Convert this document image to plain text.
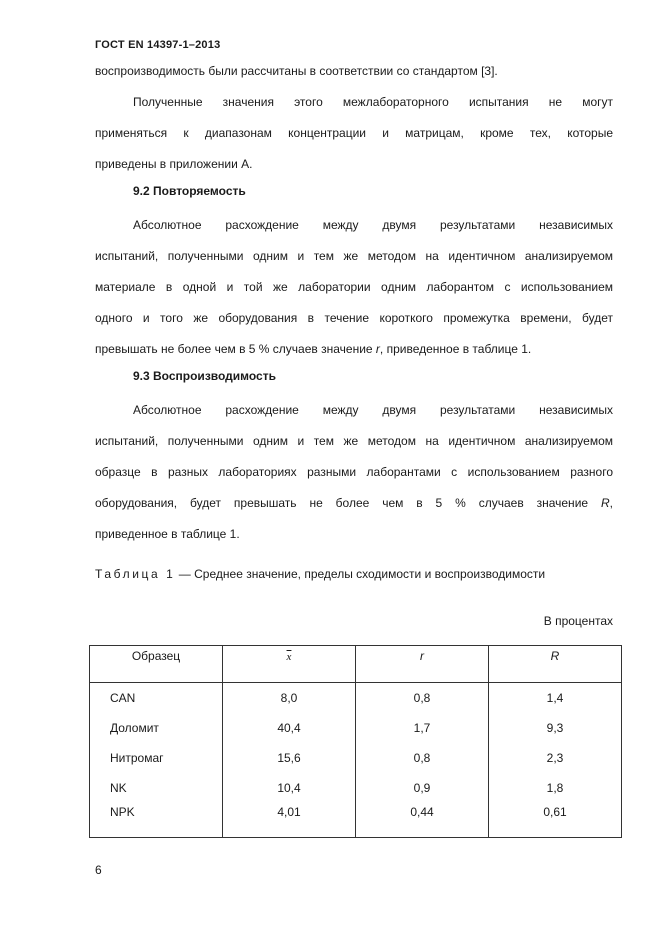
ГОСТ EN 14397-1–2013
воспроизводимость были рассчитаны в соответствии со стандартом [3].
Полученные значения этого межлабораторного испытания не могут
применяться к диапазонам концентрации и матрицам, кроме тех, которые
приведены в приложении А.
9.2 Повторяемость
Абсолютное расхождение между двумя результатами независимых
испытаний, полученными одним и тем же методом на идентичном анализируемом
материале в одной и той же лаборатории одним лаборантом с использованием
одного и того же оборудования в течение короткого промежутка времени, будет
превышать не более чем в 5 % случаев значение r, приведенное в таблице 1.
9.3 Воспроизводимость
Абсолютное расхождение между двумя результатами независимых
испытаний, полученными одним и тем же методом на идентичном анализируемом
образце в разных лабораториях разными лаборантами с использованием разного
оборудования, будет превышать не более чем в 5 % случаев значение R,
приведенное в таблице 1.
Таблица 1 — Среднее значение, пределы сходимости и воспроизводимости
В процентах
Образец	$\overline{x}$	r	R
CAN	8,0	0,8	1,4
Доломит	40,4	1,7	9,3
Нитромаг	15,6	0,8	2,3
NK	10,4	0,9	1,8
NPK	4,01	0,44	0,61
6
